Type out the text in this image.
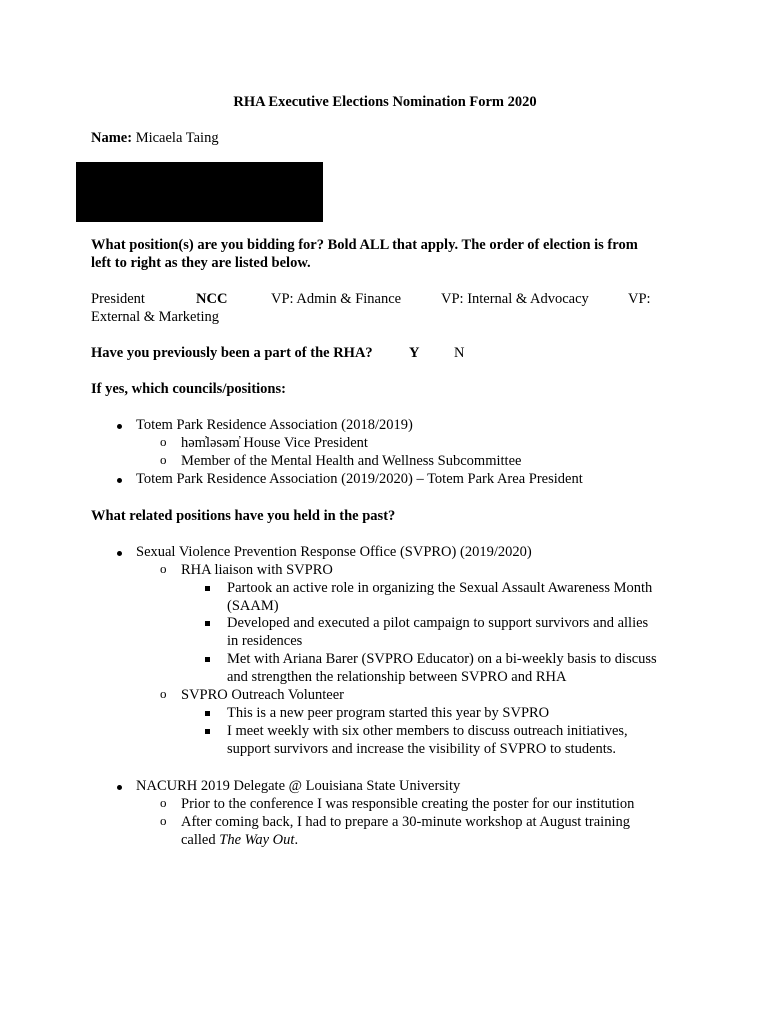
RHA Executive Elections Nomination Form 2020
Name: Micaela Taing
What position(s) are you bidding for? Bold ALL that apply. The order of election is from
left to right as they are listed below.
President	NCC	VP: Admin & Finance	VP: Internal & Advocacy	VP:
External & Marketing
Have you previously been a part of the RHA?	Y N
If yes, which councils/positions:
Totem Park Residence Association (2018/2019)
o həm̓ləsəm̓ House Vice President
o Member of the Mental Health and Wellness Subcommittee
Totem Park Residence Association (2019/2020) – Totem Park Area President
What related positions have you held in the past?
Sexual Violence Prevention Response Office (SVPRO) (2019/2020)
o RHA liaison with SVPRO
Partook an active role in organizing the Sexual Assault Awareness Month
(SAAM)
Developed and executed a pilot campaign to support survivors and allies
in residences
Met with Ariana Barer (SVPRO Educator) on a bi-weekly basis to discuss
and strengthen the relationship between SVPRO and RHA
o SVPRO Outreach Volunteer
This is a new peer program started this year by SVPRO
I meet weekly with six other members to discuss outreach initiatives,
support survivors and increase the visibility of SVPRO to students.
NACURH 2019 Delegate @ Louisiana State University
o Prior to the conference I was responsible creating the poster for our institution
o After coming back, I had to prepare a 30-minute workshop at August training
called The Way Out.
